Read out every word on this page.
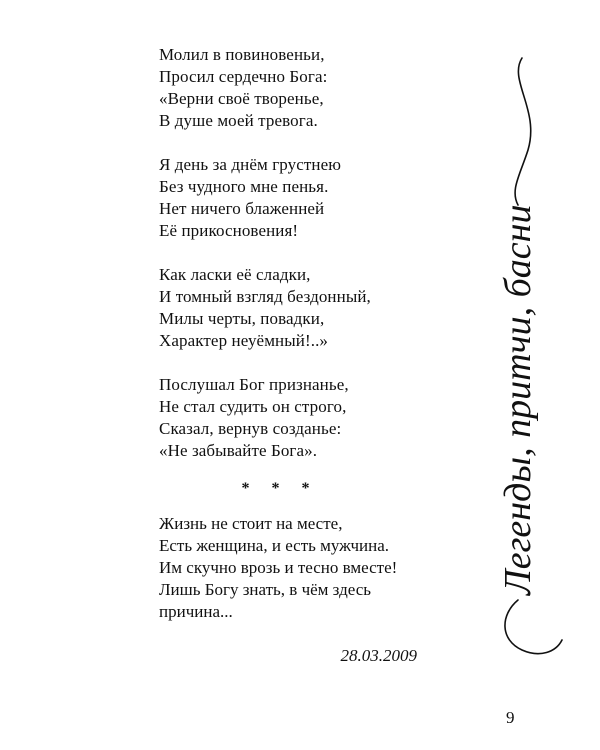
Молил в повиновеньи,
Просил сердечно Бога:
«Верни своё творенье,
В душе моей тревога.
Я день за днём грустнею
Без чудного мне пенья.
Нет ничего блаженней
Её прикосновения!
Как ласки её сладки,
И томный взгляд бездонный,
Милы черты, повадки,
Характер неуёмный!..»
Послушал Бог признанье,
Не стал судить он строго,
Сказал, вернув созданье:
«Не забывайте Бога».
* * *
Жизнь не стоит на месте,
Есть женщина, и есть мужчина.
Им скучно врозь и тесно вместе!
Лишь Богу знать, в чём здесь
причина...
28.03.2009
9
Легенды, притчи, басни
